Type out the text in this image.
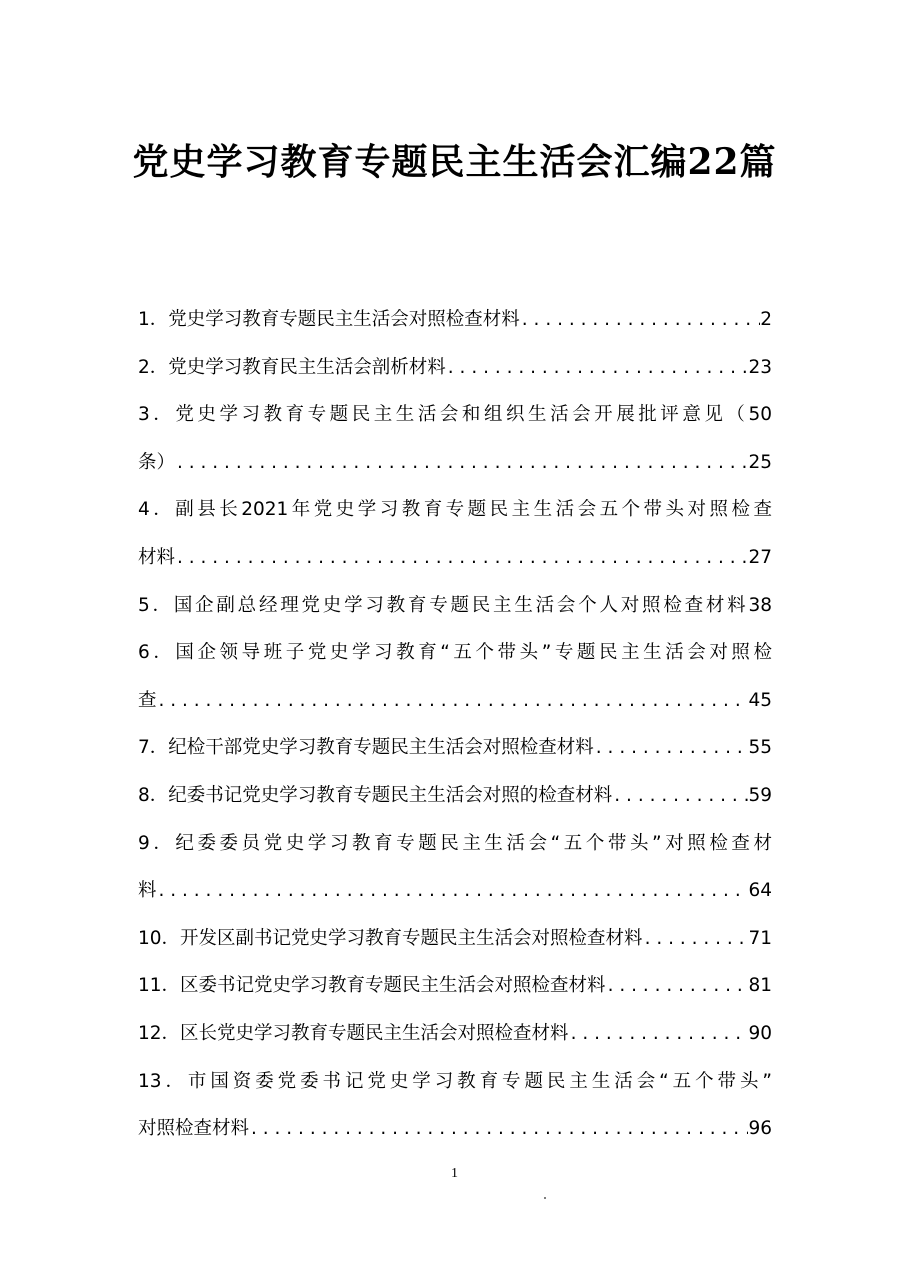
党史学习教育专题民主生活会汇编22篇
1． 党史学习教育专题民主生活会对照检查材料 . . .	2
2． 党史学习教育民主生活会剖析材料 . . .	23
3．党史学习教育专题民主生活会和组织生活会开展批评意见（50
条） . . .	25
4．副县长2021年党史学习教育专题民主生活会五个带头对照检查
材料 . . .	27
5．国企副总经理党史学习教育专题民主生活会个人对照检查材料38
6．国企领导班子党史学习教育“五个带头”专题民主生活会对照检
查 . . .	45
7． 纪检干部党史学习教育专题民主生活会对照检查材料 . . .	55
8． 纪委书记党史学习教育专题民主生活会对照的检查材料 . . .	59
9．纪委委员党史学习教育专题民主生活会“五个带头”对照检查材
料 . . .	64
10． 开发区副书记党史学习教育专题民主生活会对照检查材料 . . .	71
11． 区委书记党史学习教育专题民主生活会对照检查材料 . . .	81
12． 区长党史学习教育专题民主生活会对照检查材料 . . .	90
13．市国资委党委书记党史学习教育专题民主生活会“五个带头”
对照检查材料 . . .	96
1
